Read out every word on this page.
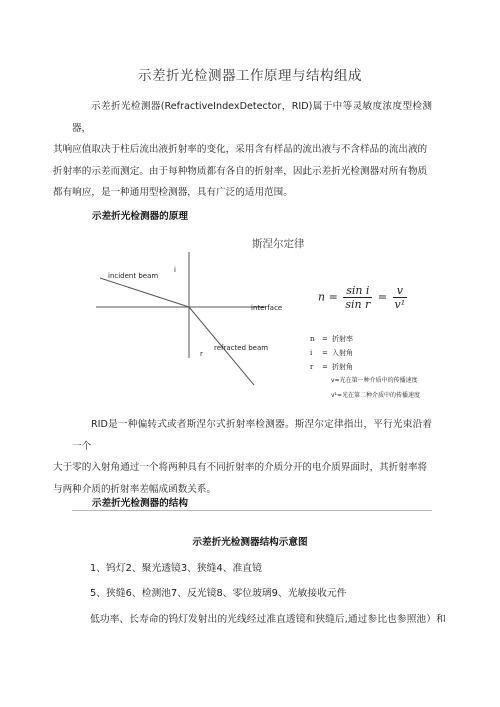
示差折光检测器工作原理与结构组成
示差折光检测器(RefractiveIndexDetector，RID)属于中等灵敏度浓度型检测器，
其响应值取决于柱后流出液折射率的变化，采用含有样品的流出液与不含样品的流出液的
折射率的示差而测定。由于每种物质都有各自的折射率，因此示差折光检测器对所有物质
都有响应，是一种通用型检测器，具有广泛的适用范围。
示差折光检测器的原理
斯涅尔定律
incident beam
interface
refracted beam
i
r
$n = \frac{\text{sin i}}{\text{sin r}} = \frac{v}{\text{v¹}}$
n = 折射率
i = 入射角
r = 折射角
v=光在第一种介质中的传播速度
v¹=光在第二种介质中的传播速度
RID是一种偏转式或者斯涅尔式折射率检测器。斯涅尔定律指出，平行光束沿着一个
大于零的入射角通过一个将两种具有不同折射率的介质分开的电介质界面时，其折射率将
与两种介质的折射率差幅成函数关系。
示差折光检测器的结构
示差折光检测器结构示意图
1、钨灯2、聚光透镜3、狭缝4、准直镜
5、狭缝6、检测池7、反光镜8、零位玻璃9、光敏接收元件
低功率、长寿命的钨灯发射出的光线经过准直透镜和狭缝后,通过参比也参照池）和
